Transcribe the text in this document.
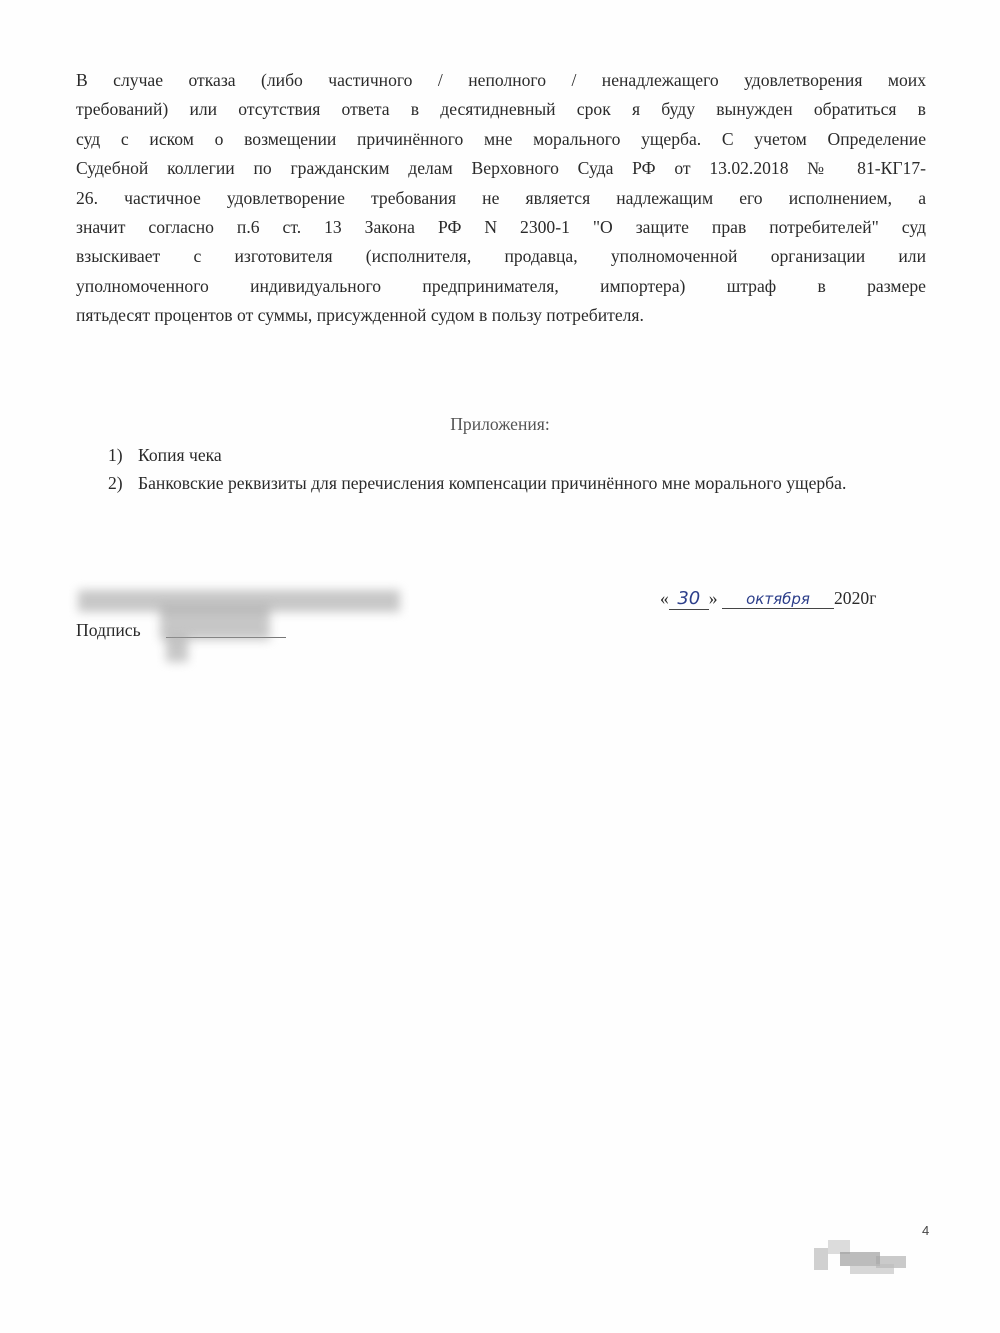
В случае отказа (либо частичного / неполного / ненадлежащего удовлетворения моих
требований) или отсутствия ответа в десятидневный срок я буду вынужден обратиться в
суд с иском о возмещении причинённого мне морального ущерба. С учетом Определение
Судебной коллегии по гражданским делам Верховного Суда РФ от 13.02.2018 № 81-КГ17-
26. частичное удовлетворение требования не является надлежащим его исполнением, а
значит согласно п.6 ст. 13 Закона РФ N 2300-1 "О защите прав потребителей" суд
взыскивает с изготовителя (исполнителя, продавца, уполномоченной организации или
уполномоченного индивидуального предпринимателя, импортера) штраф в размере
пятьдесят процентов от суммы, присужденной судом в пользу потребителя.
Приложения:
1) Копия чека
2) Банковские реквизиты для перечисления компенсации причинённого мне морального ущерба.
Подпись
« 30 » октября 2020г
4
